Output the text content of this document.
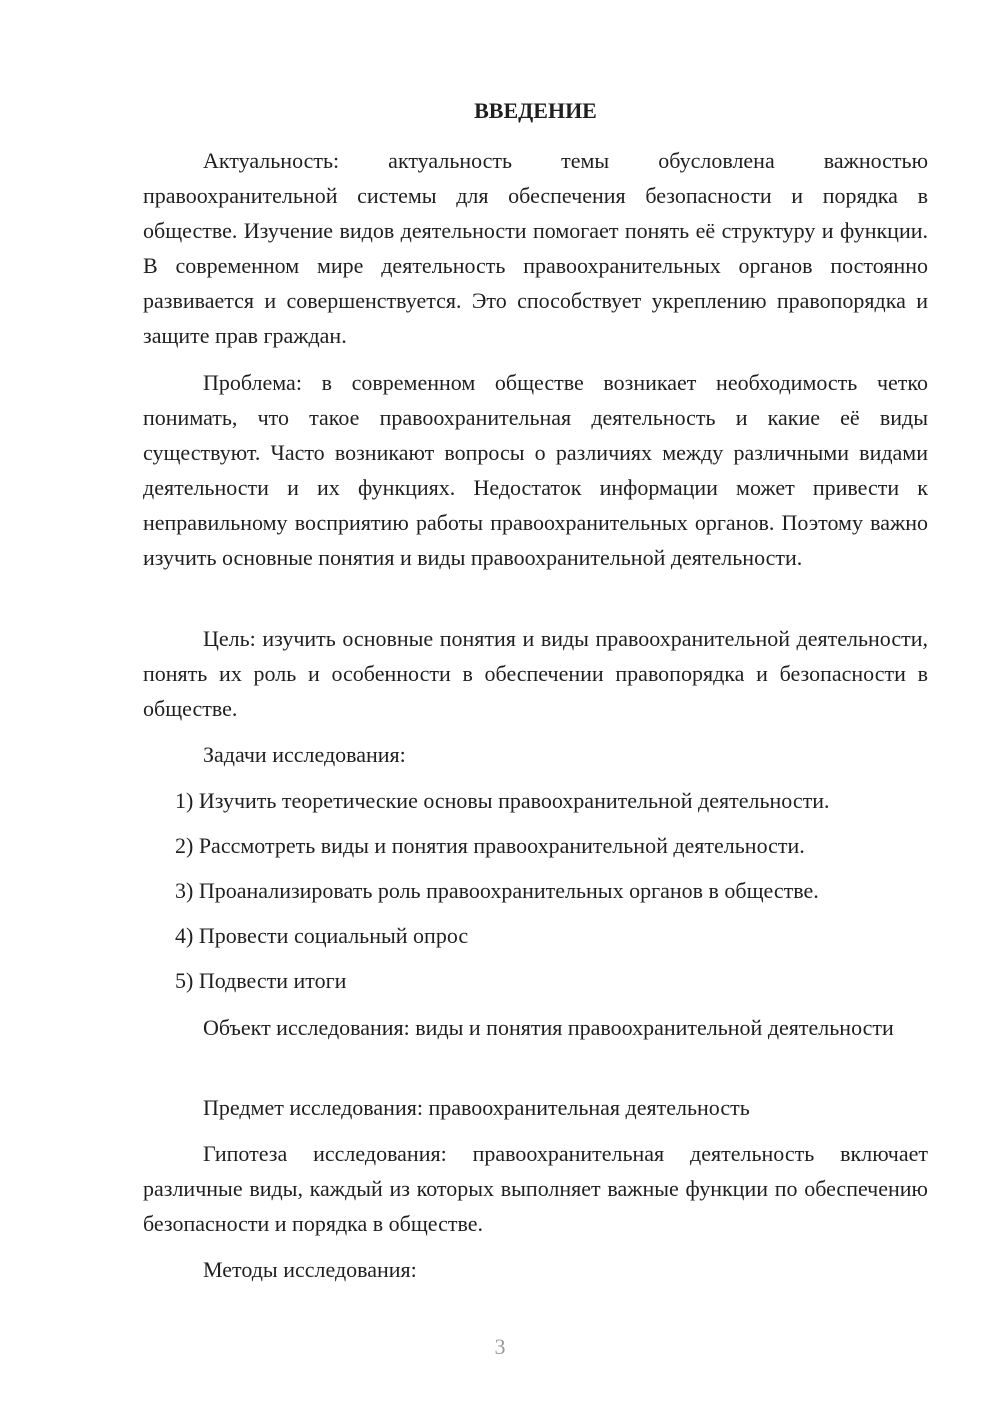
ВВЕДЕНИЕ

Актуальность: актуальность темы обусловлена важностью правоохранительной системы для обеспечения безопасности и порядка в обществе. Изучение видов деятельности помогает понять её структуру и функции. В современном мире деятельность правоохранительных органов постоянно развивается и совершенствуется. Это способствует укреплению правопорядка и защите прав граждан.

Проблема: в современном обществе возникает необходимость четко понимать, что такое правоохранительная деятельность и какие её виды существуют. Часто возникают вопросы о различиях между различными видами деятельности и их функциях. Недостаток информации может привести к неправильному восприятию работы правоохранительных органов. Поэтому важно изучить основные понятия и виды правоохранительной деятельности.

Цель: изучить основные понятия и виды правоохранительной деятельности, понять их роль и особенности в обеспечении правопорядка и безопасности в обществе.

Задачи исследования:

1) Изучить теоретические основы правоохранительной деятельности.

2) Рассмотреть виды и понятия правоохранительной деятельности.

3) Проанализировать роль правоохранительных органов в обществе.

4) Провести социальный опрос

5) Подвести итоги

Объект исследования: виды и понятия правоохранительной деятельности

Предмет исследования: правоохранительная деятельность

Гипотеза исследования: правоохранительная деятельность включает различные виды, каждый из которых выполняет важные функции по обеспечению безопасности и порядка в обществе.

Методы исследования:

3
